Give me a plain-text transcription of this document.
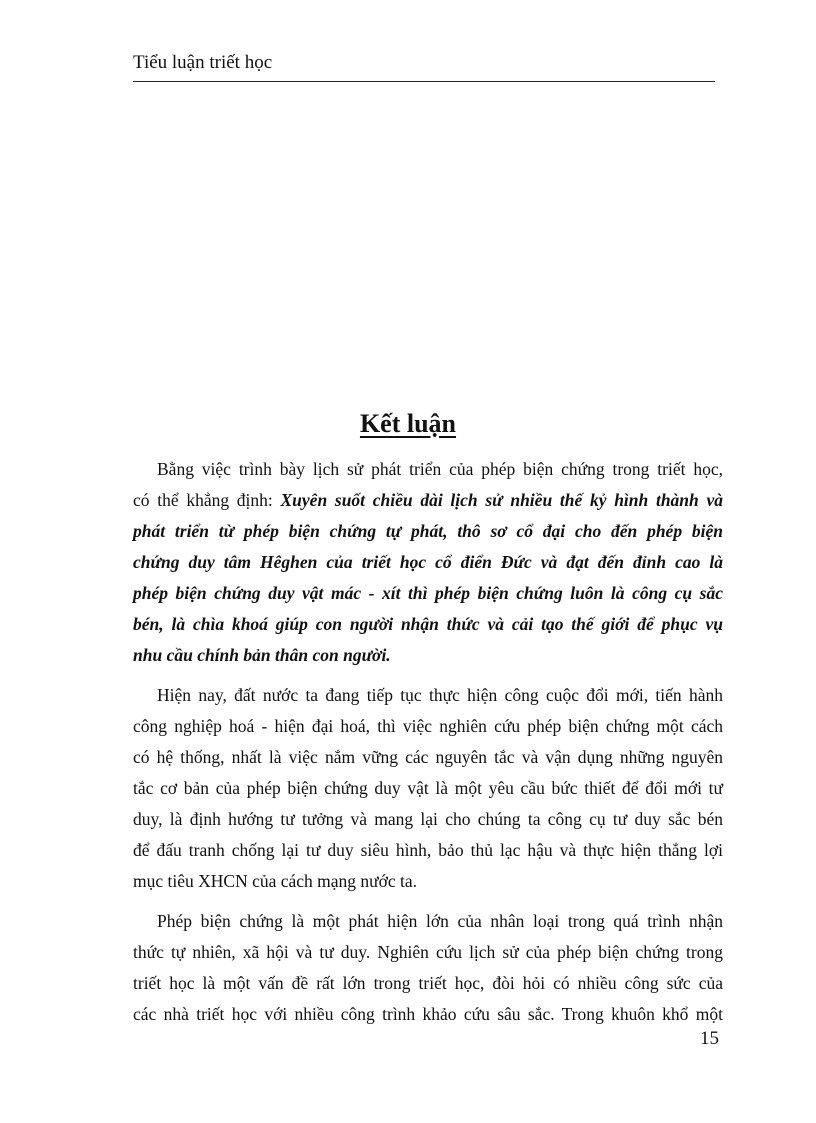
Tiểu luận triết học
Kết luận
Bằng việc trình bày lịch sử phát triển của phép biện chứng trong triết học,
có thể khẳng định: Xuyên suốt chiều dài lịch sử nhiều thế kỷ hình thành và
phát triển từ phép biện chứng tự phát, thô sơ cổ đại cho đến phép biện
chứng duy tâm Hêghen của triết học cổ điển Đức và đạt đến đỉnh cao là
phép biện chứng duy vật mác - xít thì phép biện chứng luôn là công cụ sắc
bén, là chìa khoá giúp con người nhận thức và cải tạo thế giới để phục vụ
nhu cầu chính bản thân con người.
Hiện nay, đất nước ta đang tiếp tục thực hiện công cuộc đổi mới, tiến hành
công nghiệp hoá - hiện đại hoá, thì việc nghiên cứu phép biện chứng một cách
có hệ thống, nhất là việc nắm vững các nguyên tắc và vận dụng những nguyên
tắc cơ bản của phép biện chứng duy vật là một yêu cầu bức thiết để đổi mới tư
duy, là định hướng tư tưởng và mang lại cho chúng ta công cụ tư duy sắc bén
để đấu tranh chống lại tư duy siêu hình, bảo thủ lạc hậu và thực hiện thắng lợi
mục tiêu XHCN của cách mạng nước ta.
Phép biện chứng là một phát hiện lớn của nhân loại trong quá trình nhận
thức tự nhiên, xã hội và tư duy. Nghiên cứu lịch sử của phép biện chứng trong
triết học là một vấn đề rất lớn trong triết học, đòi hỏi có nhiều công sức của
các nhà triết học với nhiều công trình khảo cứu sâu sắc. Trong khuôn khổ một
15
